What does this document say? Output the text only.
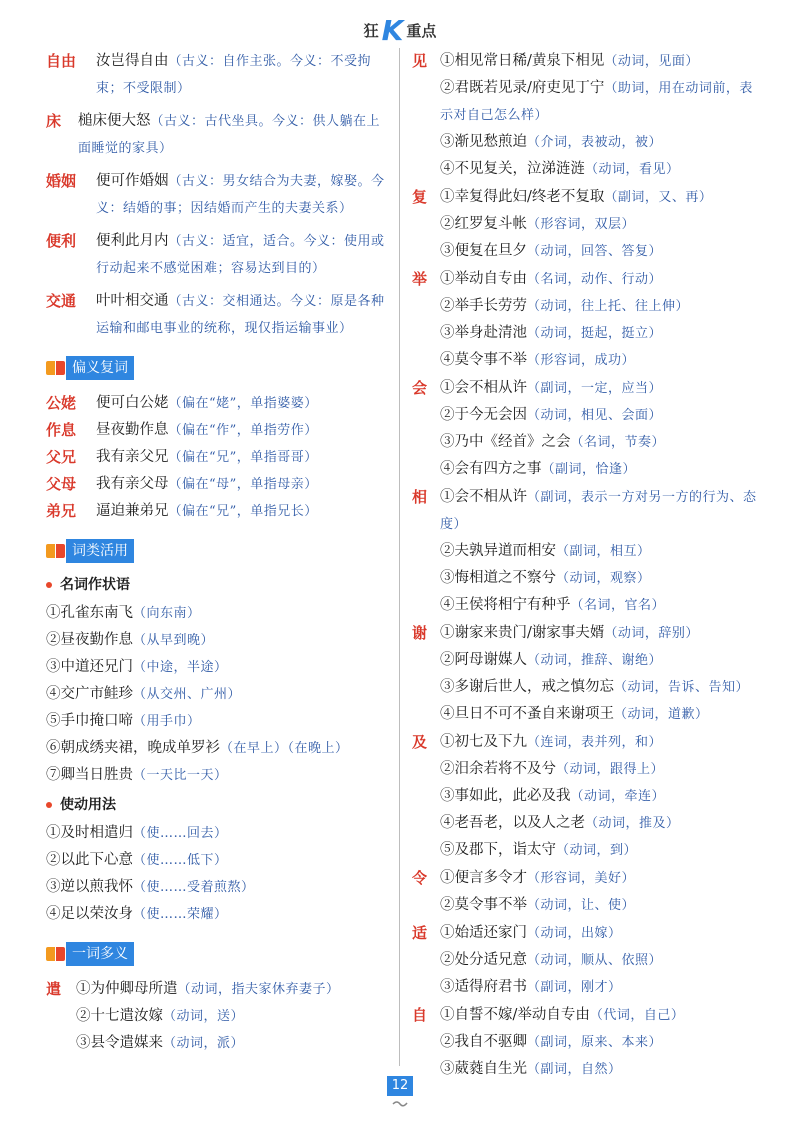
狂 K 重点
自由	汝岂得自由（古义：自作主张。今义：不受拘束；不受限制）
床	槌床便大怒（古义：古代坐具。今义：供人躺在上面睡觉的家具）
婚姻	便可作婚姻（古义：男女结合为夫妻，嫁娶。今义：结婚的事；因结婚而产生的夫妻关系）
便利	便利此月内（古义：适宜，适合。今义：使用或行动起来不感觉困难；容易达到目的）
交通	叶叶相交通（古义：交相通达。今义：原是各种运输和邮电事业的统称，现仅指运输事业）
偏义复词
公姥	便可白公姥（偏在“姥”，单指婆婆）
作息	昼夜勤作息（偏在“作”，单指劳作）
父兄	我有亲父兄（偏在“兄”，单指哥哥）
父母	我有亲父母（偏在“母”，单指母亲）
弟兄	逼迫兼弟兄（偏在“兄”，单指兄长）
词类活用
名词作状语
①孔雀东南飞（向东南）
②昼夜勤作息（从早到晚）
③中道还兄门（中途，半途）
④交广市鲑珍（从交州、广州）
⑤手巾掩口啼（用手巾）
⑥朝成绣夹裙，晚成单罗衫（在早上）（在晚上）
⑦卿当日胜贵（一天比一天）
使动用法
①及时相遣归（使……回去）
②以此下心意（使……低下）
③逆以煎我怀（使……受着煎熬）
④足以荣汝身（使……荣耀）
一词多义
遣	①为仲卿母所遣（动词，指夫家休弃妻子）
②十七遣汝嫁（动词，送）
③县令遣媒来（动词，派）
见 ①相见常日稀/黄泉下相见（动词，见面）
②君既若见录/府吏见丁宁（助词，用在动词前，表示对自己怎么样）
③渐见愁煎迫（介词，表被动，被）
④不见复关，泣涕涟涟（动词，看见）
复 ①幸复得此妇/终老不复取（副词，又、再）
②红罗复斗帐（形容词，双层）
③便复在旦夕（动词，回答、答复）
举 ①举动自专由（名词，动作、行动）
②举手长劳劳（动词，往上托、往上伸）
③举身赴清池（动词，挺起，挺立）
④莫令事不举（形容词，成功）
会 ①会不相从许（副词，一定，应当）
②于今无会因（动词，相见、会面）
③乃中《经首》之会（名词，节奏）
④会有四方之事（副词，恰逢）
相 ①会不相从许（副词，表示一方对另一方的行为、态度）
②夫孰异道而相安（副词，相互）
③悔相道之不察兮（动词，观察）
④王侯将相宁有种乎（名词，官名）
谢 ①谢家来贵门/谢家事夫婿（动词，辞别）
②阿母谢媒人（动词，推辞、谢绝）
③多谢后世人，戒之慎勿忘（动词，告诉、告知）
④旦日不可不蚤自来谢项王（动词，道歉）
及 ①初七及下九（连词，表并列，和）
②汨余若将不及兮（动词，跟得上）
③事如此，此必及我（动词，牵连）
④老吾老，以及人之老（动词，推及）
⑤及郡下，诣太守（动词，到）
令 ①便言多令才（形容词，美好）
②莫令事不举（动词，让、使）
适 ①始适还家门（动词，出嫁）
②处分适兄意（动词，顺从、依照）
③适得府君书（副词，刚才）
自 ①自誓不嫁/举动自专由（代词，自己）
②我自不驱卿（副词，原来、本来）
③葳蕤自生光（副词，自然）
12
